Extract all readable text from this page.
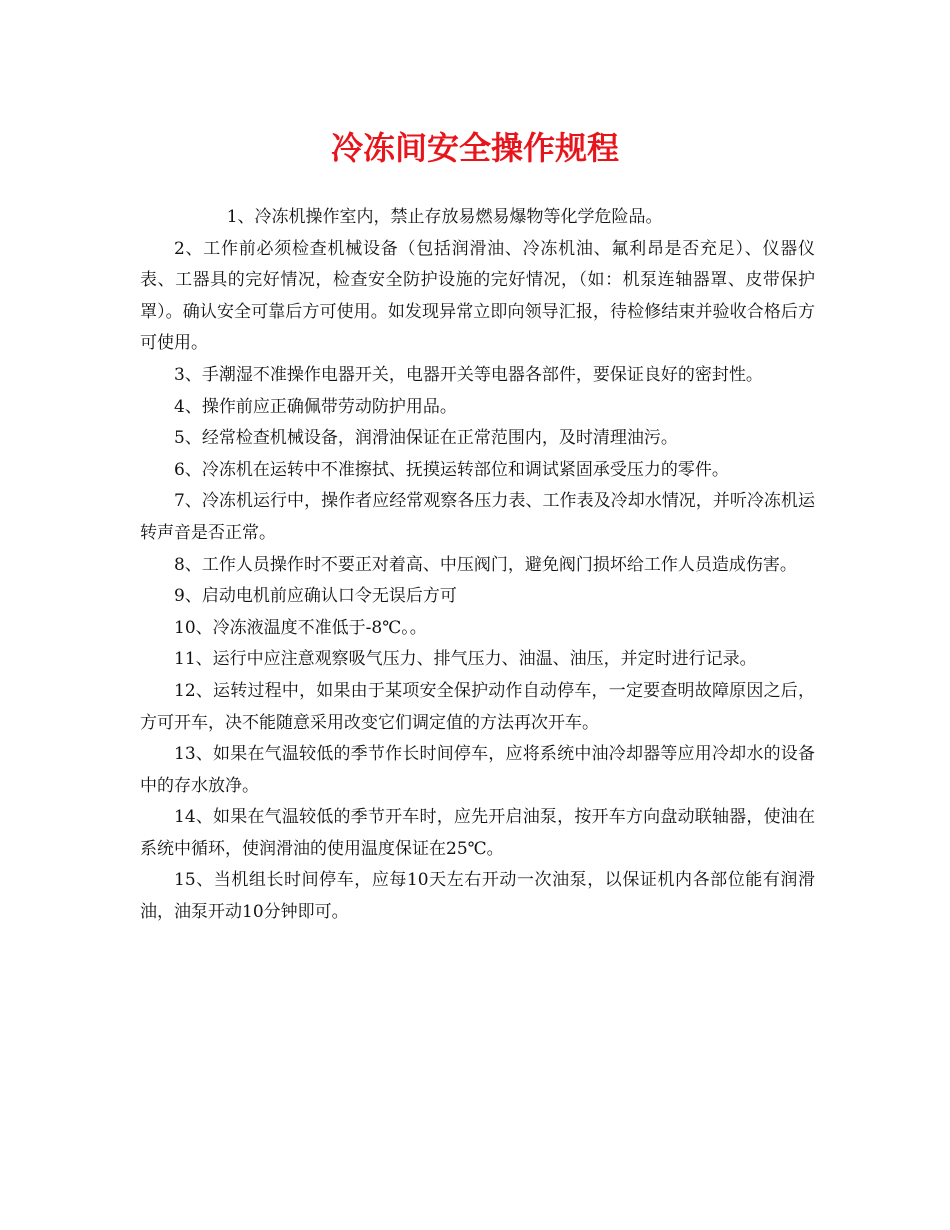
冷冻间安全操作规程

1、冷冻机操作室内，禁止存放易燃易爆物等化学危险品。

2、工作前必须检查机械设备（包括润滑油、冷冻机油、氟利昂是否充足）、仪器仪表、工器具的完好情况，检查安全防护设施的完好情况，（如：机泵连轴器罩、皮带保护罩）。确认安全可靠后方可使用。如发现异常立即向领导汇报，待检修结束并验收合格后方可使用。

3、手潮湿不准操作电器开关，电器开关等电器各部件，要保证良好的密封性。

4、操作前应正确佩带劳动防护用品。

5、经常检查机械设备，润滑油保证在正常范围内，及时清理油污。

6、冷冻机在运转中不准擦拭、抚摸运转部位和调试紧固承受压力的零件。

7、冷冻机运行中，操作者应经常观察各压力表、工作表及冷却水情况，并听冷冻机运转声音是否正常。

8、工作人员操作时不要正对着高、中压阀门，避免阀门损坏给工作人员造成伤害。

9、启动电机前应确认口令无误后方可

10、冷冻液温度不准低于-8℃。。

11、运行中应注意观察吸气压力、排气压力、油温、油压，并定时进行记录。

12、运转过程中，如果由于某项安全保护动作自动停车，一定要查明故障原因之后，方可开车，决不能随意采用改变它们调定值的方法再次开车。

13、如果在气温较低的季节作长时间停车，应将系统中油冷却器等应用冷却水的设备中的存水放净。

14、如果在气温较低的季节开车时，应先开启油泵，按开车方向盘动联轴器，使油在系统中循环，使润滑油的使用温度保证在25℃。

15、当机组长时间停车，应每10天左右开动一次油泵，以保证机内各部位能有润滑油，油泵开动10分钟即可。
